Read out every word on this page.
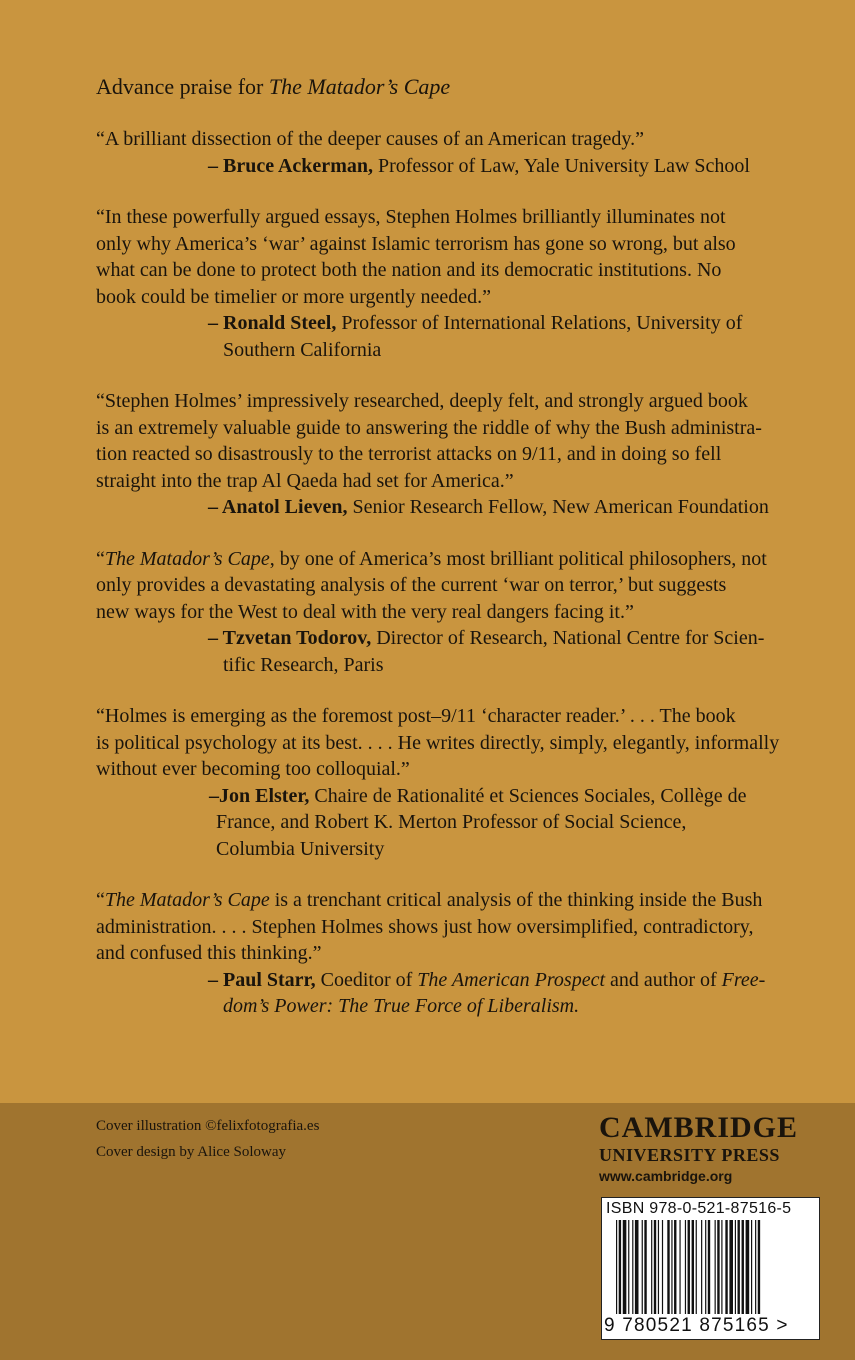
Advance praise for The Matador’s Cape

“A brilliant dissection of the deeper causes of an American tragedy.”

– Bruce Ackerman, Professor of Law, Yale University Law School

“In these powerfully argued essays, Stephen Holmes brilliantly illuminates not
only why America’s ‘war’ against Islamic terrorism has gone so wrong, but also
what can be done to protect both the nation and its democratic institutions. No
book could be timelier or more urgently needed.”

– Ronald Steel, Professor of International Relations, University of
Southern California

“Stephen Holmes’ impressively researched, deeply felt, and strongly argued book
is an extremely valuable guide to answering the riddle of why the Bush administra-
tion reacted so disastrously to the terrorist attacks on 9/11, and in doing so fell
straight into the trap Al Qaeda had set for America.”

– Anatol Lieven, Senior Research Fellow, New American Foundation

“The Matador’s Cape, by one of America’s most brilliant political philosophers, not
only provides a devastating analysis of the current ‘war on terror,’ but suggests
new ways for the West to deal with the very real dangers facing it.”

– Tzvetan Todorov, Director of Research, National Centre for Scien-
tific Research, Paris

“Holmes is emerging as the foremost post–9/11 ‘character reader.’ . . . The book
is political psychology at its best. . . . He writes directly, simply, elegantly, informally
without ever becoming too colloquial.”

–Jon Elster, Chaire de Rationalité et Sciences Sociales, Collège de
France, and Robert K. Merton Professor of Social Science,
Columbia University

“The Matador’s Cape is a trenchant critical analysis of the thinking inside the Bush
administration. . . . Stephen Holmes shows just how oversimplified, contradictory,
and confused this thinking.”

– Paul Starr, Coeditor of The American Prospect and author of Free-
dom’s Power: The True Force of Liberalism.

Cover illustration ©felixfotografia.es
Cover design by Alice Soloway
CAMBRIDGE
UNIVERSITY PRESS
www.cambridge.org
ISBN 978-0-521-87516-5
9 780521 875165 >
